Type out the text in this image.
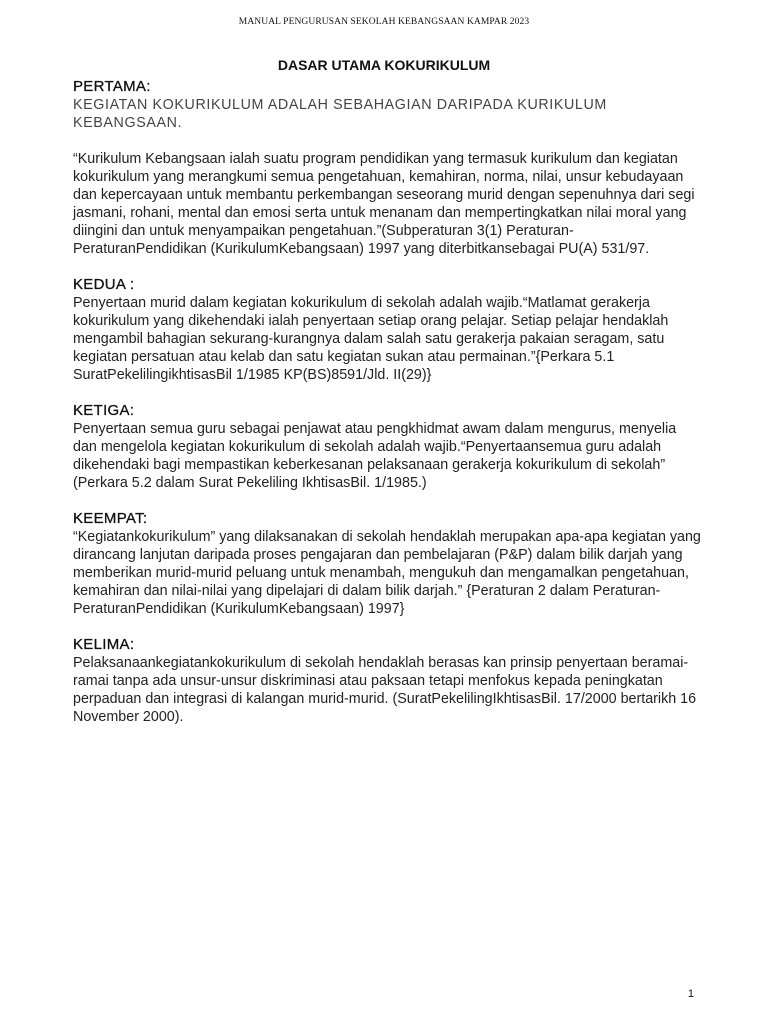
MANUAL PENGURUSAN SEKOLAH KEBANGSAAN KAMPAR 2023
DASAR UTAMA KOKURIKULUM
PERTAMA:

KEGIATAN KOKURIKULUM ADALAH SEBAHAGIAN DARIPADA KURIKULUM KEBANGSAAN.

“Kurikulum Kebangsaan ialah suatu program pendidikan yang termasuk kurikulum dan kegiatan kokurikulum yang merangkumi semua pengetahuan, kemahiran, norma, nilai, unsur kebudayaan dan kepercayaan untuk membantu perkembangan seseorang murid dengan sepenuhnya dari segi jasmani, rohani, mental dan emosi serta untuk menanam dan mempertingkatkan nilai moral yang diingini dan untuk menyampaikan pengetahuan.”(Subperaturan 3(1) Peraturan-PeraturanPendidikan (KurikulumKebangsaan) 1997 yang diterbitkansebagai PU(A) 531/97.

KEDUA :

Penyertaan murid dalam kegiatan kokurikulum di sekolah adalah wajib.“Matlamat gerakerja kokurikulum yang dikehendaki ialah penyertaan setiap orang pelajar. Setiap pelajar hendaklah mengambil bahagian sekurang-kurangnya dalam salah satu gerakerja pakaian seragam, satu kegiatan persatuan atau kelab dan satu kegiatan sukan atau permainan.”{Perkara 5.1 SuratPekelilingikhtisasBil 1/1985 KP(BS)8591/Jld. II(29)}

KETIGA:

Penyertaan semua guru sebagai penjawat atau pengkhidmat awam dalam mengurus, menyelia dan mengelola kegiatan kokurikulum di sekolah adalah wajib.“Penyertaansemua guru adalah dikehendaki bagi mempastikan keberkesanan pelaksanaan gerakerja kokurikulum di sekolah” (Perkara 5.2 dalam Surat Pekeliling IkhtisasBil. 1/1985.)

KEEMPAT:

“Kegiatankokurikulum” yang dilaksanakan di sekolah hendaklah merupakan apa-apa kegiatan yang dirancang lanjutan daripada proses pengajaran dan pembelajaran (P&P) dalam bilik darjah yang memberikan murid-murid peluang untuk menambah, mengukuh dan mengamalkan pengetahuan, kemahiran dan nilai-nilai yang dipelajari di dalam bilik darjah.” {Peraturan 2 dalam Peraturan-PeraturanPendidikan (KurikulumKebangsaan) 1997}

KELIMA:

Pelaksanaankegiatankokurikulum di sekolah hendaklah berasas kan prinsip penyertaan beramai-ramai tanpa ada unsur-unsur diskriminasi atau paksaan tetapi menfokus kepada peningkatan perpaduan dan integrasi di kalangan murid-murid. (SuratPekelilingIkhtisasBil. 17/2000 bertarikh 16 November 2000).

1
